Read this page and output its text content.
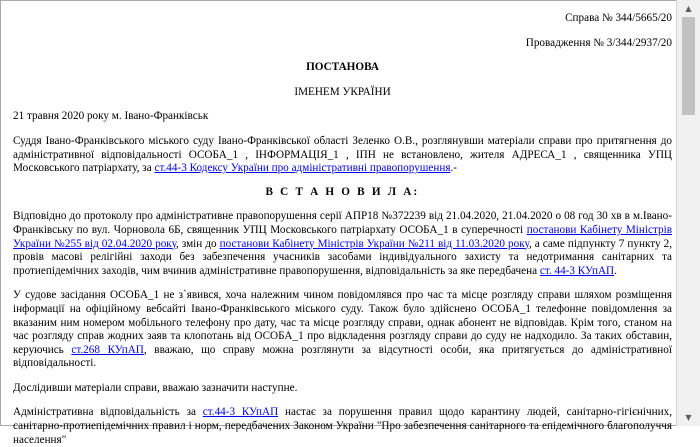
Справа № 344/5665/20

Провадження № 3/344/2937/20

ПОСТАНОВА

ІМЕНЕМ УКРАЇНИ

21 травня 2020 року м. Івано-Франківськ

Суддя Івано-Франківського міського суду Івано-Франківської області Зеленко О.В., розглянувши матеріали справи про притягнення до адміністративної відповідальності ОСОБА_1 , ІНФОРМАЦІЯ_1 , ІПН не встановлено, жителя АДРЕСА_1 , священника УПЦ Московського патріархату, за ст.44-3 Кодексу України про адміністративні правопорушення.-

В С Т А Н О В И Л А:

Відповідно до протоколу про адміністративне правопорушення серії АПР18 №372239 від 21.04.2020, 21.04.2020 о 08 год 30 хв в м.Івано-Франківську по вул. Чорновола 6Б, священник УПЦ Московського патріархату ОСОБА_1 в суперечності постанови Кабінету Міністрів України №255 від 02.04.2020 року, змін до постанови Кабінету Міністрів України №211 від 11.03.2020 року, а саме підпункту 7 пункту 2, провів масові релігійні заходи без забезпечення учасників засобами індивідуального захисту та недотримання санітарних та протиепідемічних заходів, чим вчинив адміністративне правопорушення, відповідальність за яке передбачена ст. 44-3 КУпАП.

У судове засідання ОСОБА_1 не з`явився, хоча належним чином повідомлявся про час та місце розгляду справи шляхом розміщення інформації на офіційному вебсайті Івано-Франківського міського суду. Також було здійснено ОСОБА_1 телефонне повідомлення за вказаним ним номером мобільного телефону про дату, час та місце розгляду справи, однак абонент не відповідав. Крім того, станом на час розгляду справ жодних заяв та клопотань від ОСОБА_1 про відкладення розгляду справи до суду не надходило. За таких обставин, керуючись ст.268 КУпАП, вважаю, що справу можна розглянути за відсутності особи, яка притягується до адміністративної відповідальності.

Дослідивши матеріали справи, вважаю зазначити наступне.

Адміністративна відповідальність за ст.44-3 КУпАП настає за порушення правил щодо карантину людей, санітарно-гігієнічних, санітарно-протиепідемічних правил і норм, передбачених Законом України "Про забезпечення санітарного та епідемічного благополуччя населення"

▲
▼
